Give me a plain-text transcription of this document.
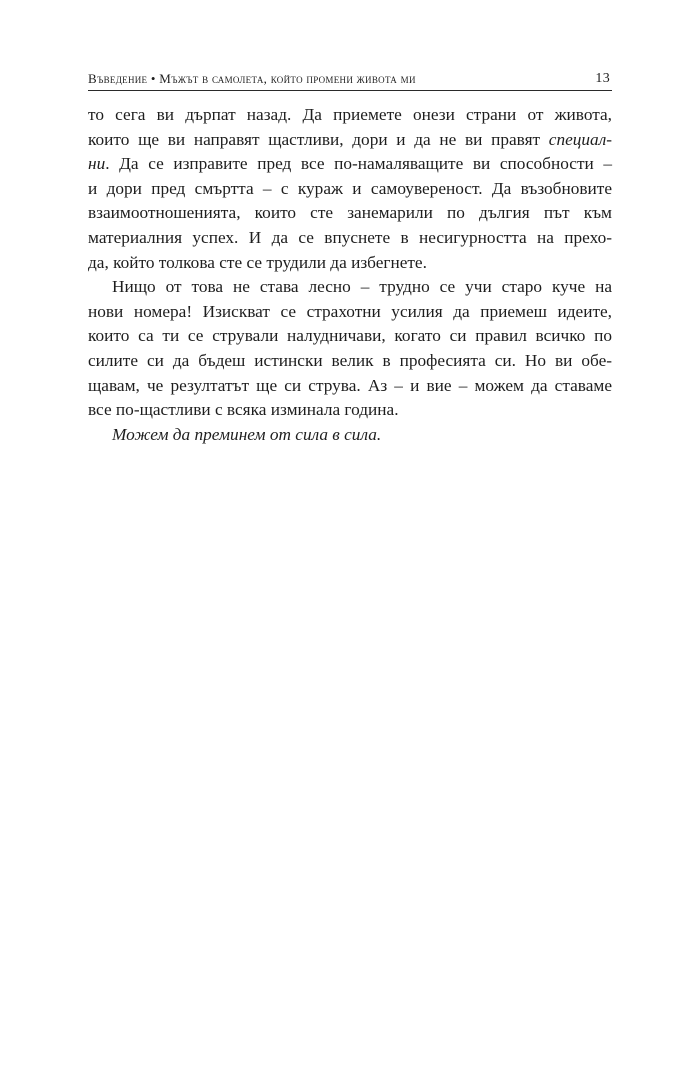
Въведение • Мъжът в самолета, който промени живота ми	13
то сега ви дърпат назад. Да приемете онези страни от живота,
които ще ви направят щастливи, дори и да не ви правят специал-
ни. Да се изправите пред все по-намаляващите ви способности –
и дори пред смъртта – с кураж и самоувереност. Да възобновите
взаимоотношенията, които сте занемарили по дългия път към
материалния успех. И да се впуснете в несигурността на прехо-
да, който толкова сте се трудили да избегнете.
Нищо от това не става лесно – трудно се учи старо куче на
нови номера! Изискват се страхотни усилия да приемеш идеите,
които са ти се стрували налудничави, когато си правил всичко по
силите си да бъдеш истински велик в професията си. Но ви обе-
щавам, че резултатът ще си струва. Аз – и вие – можем да ставаме
все по-щастливи с всяка изминала година.
Можем да преминем от сила в сила.
